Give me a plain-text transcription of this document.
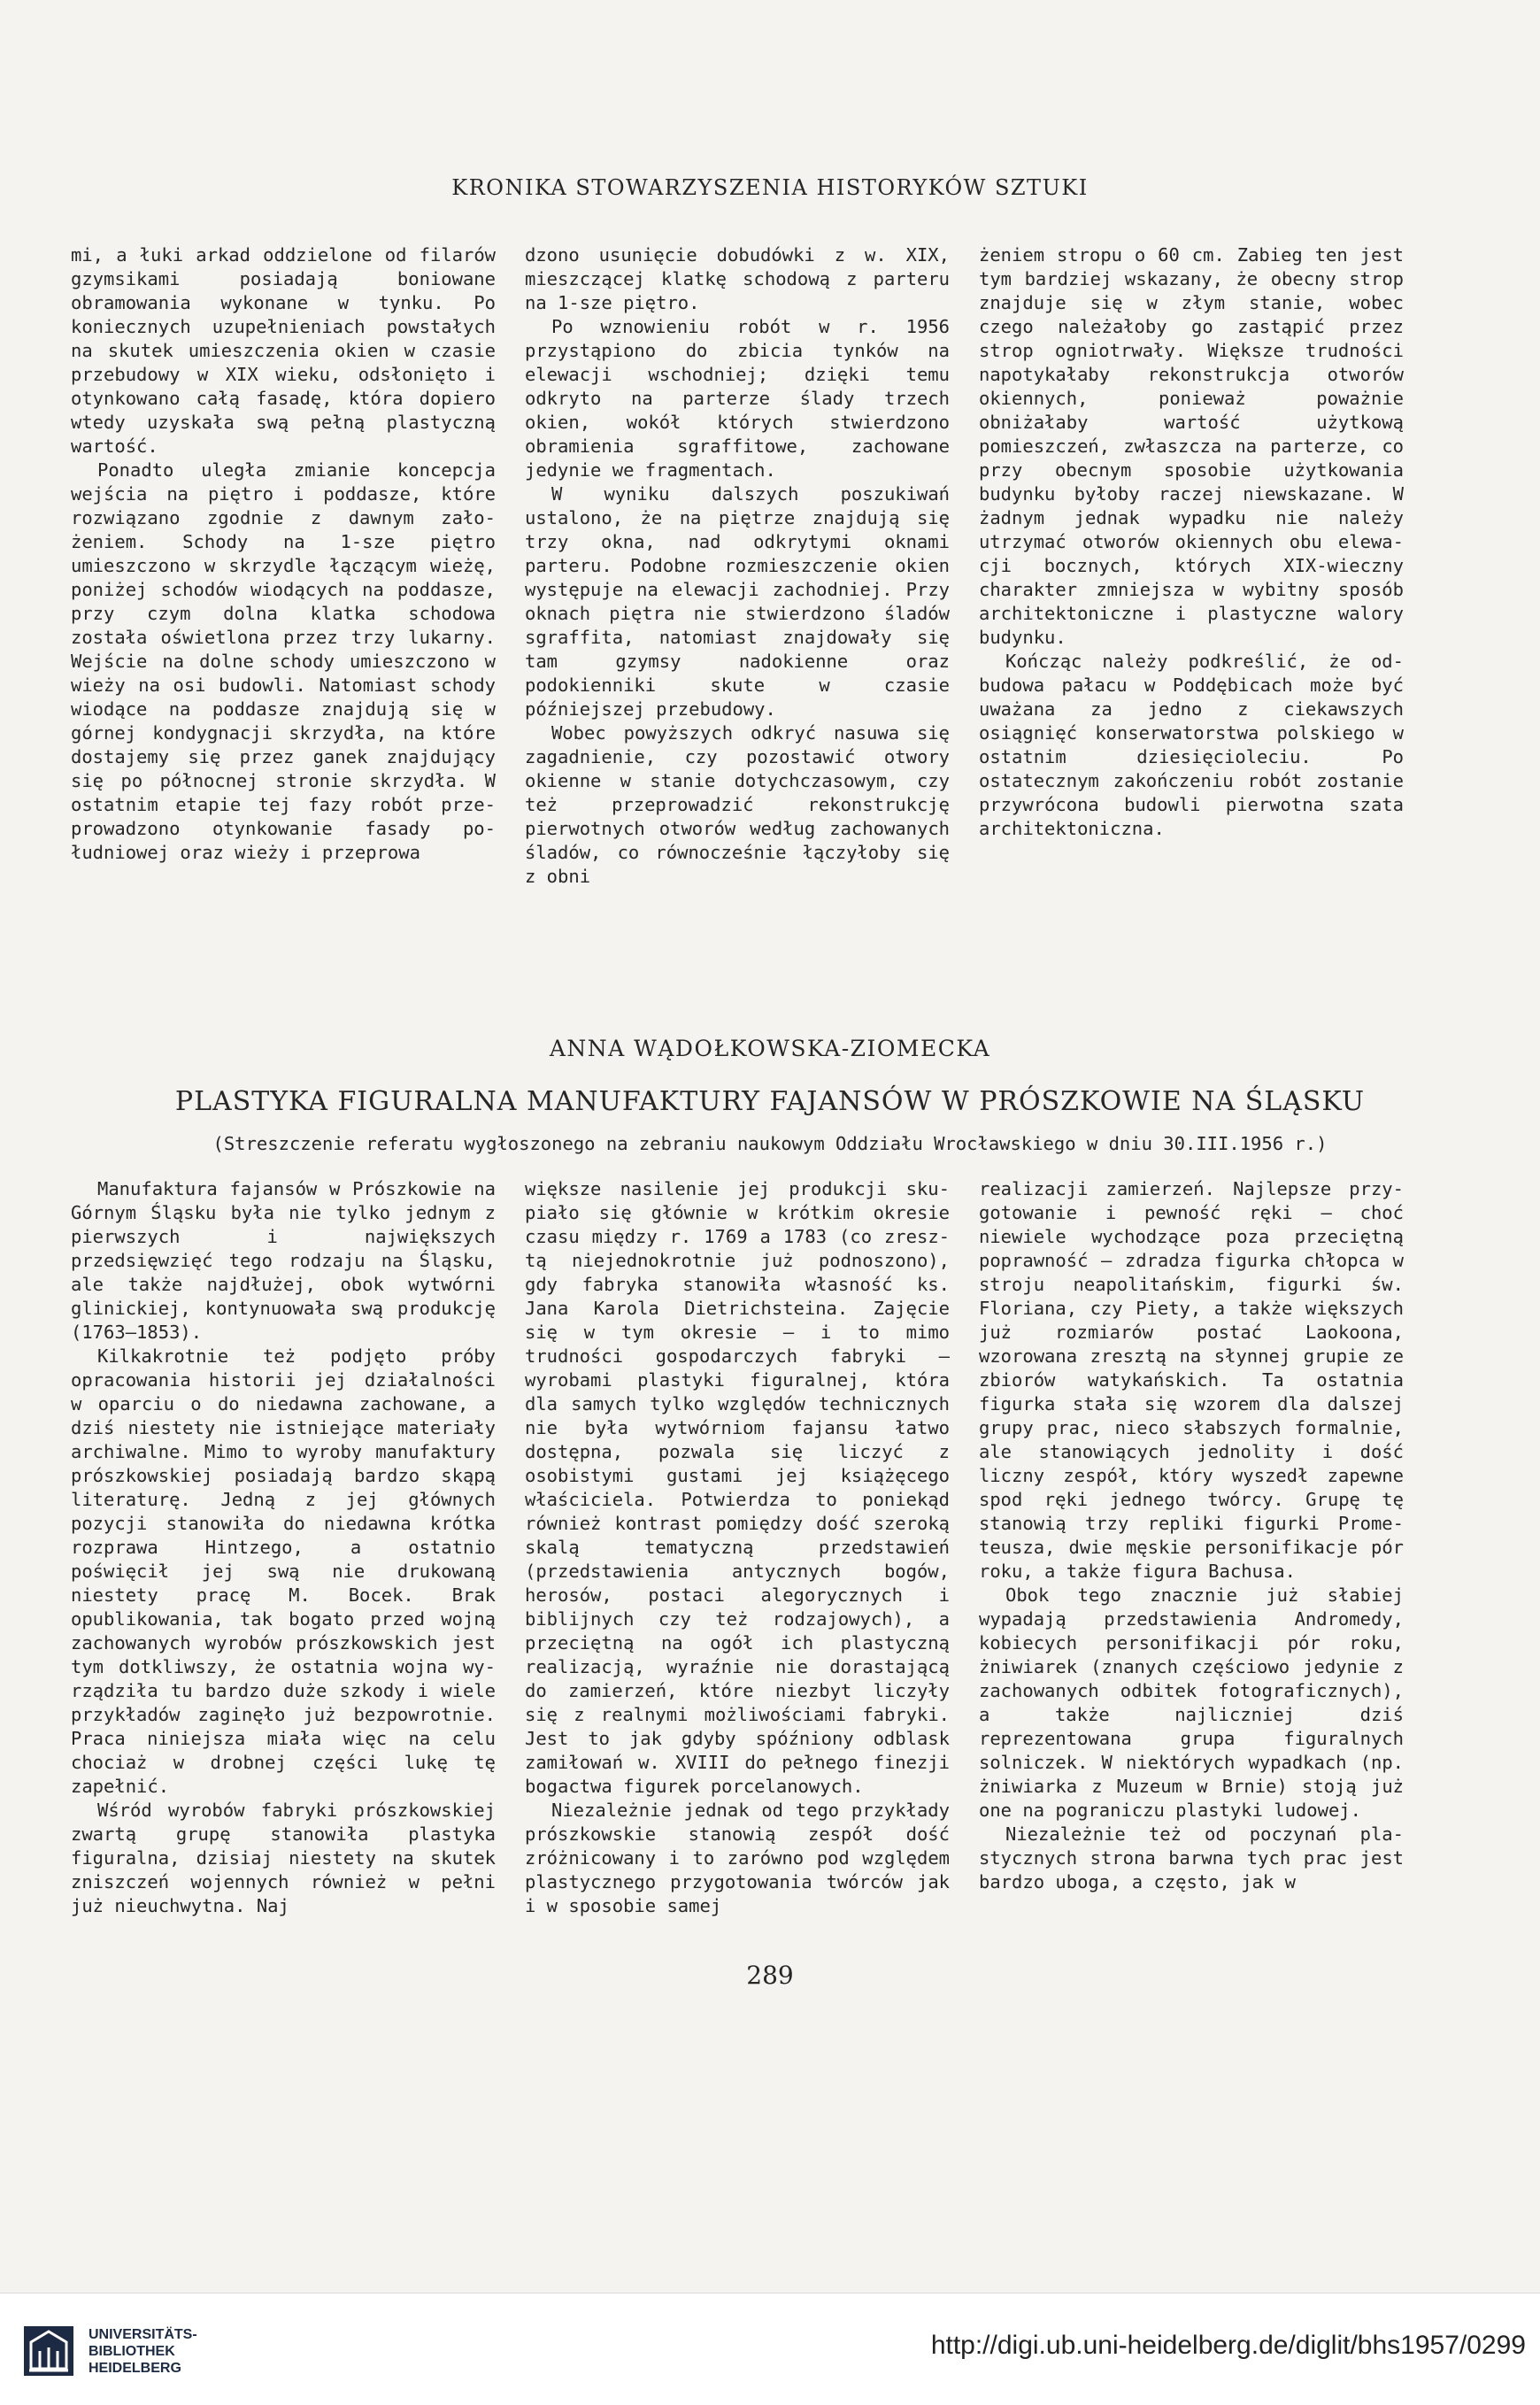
KRONIKA STOWARZYSZENIA HISTORYKÓW SZTUKI

mi, a łuki arkad oddzielone od filarów gzymsikami posiadają boniowane obramowania wykonane w tynku. Po koniecznych uzupełnieniach powstałych na skutek umieszczenia okien w czasie przebudowy w XIX wieku, odsłonięto i otynkowano całą fasadę, która dopiero wtedy uzyskała swą pełną plastyczną wartość.

Ponadto uległa zmianie koncepcja wejścia na piętro i poddasze, które rozwiązano zgodnie z dawnym założeniem. Schody na 1-sze piętro umieszczono w skrzydle łączącym wieżę, poniżej schodów wiodących na poddasze, przy czym dolna klatka schodowa została oświetlona przez trzy lukarny. Wejście na dolne schody umieszczono w wieży na osi budowli. Natomiast schody wiodące na poddasze znajdują się w górnej kondygnacji skrzydła, na które dostajemy się przez ganek znajdujący się po północnej stronie skrzydła. W ostatnim etapie tej fazy robót przeprowadzono otynkowanie fasady południowej oraz wieży i przeprowa

dzono usunięcie dobudówki z w. XIX, mieszczącej klatkę schodową z parteru na 1-sze piętro.

Po wznowieniu robót w r. 1956 przystąpiono do zbicia tynków na elewacji wschodniej; dzięki temu odkryto na parterze ślady trzech okien, wokół których stwierdzono obramienia sgraffitowe, zachowane jedynie we fragmentach.

W wyniku dalszych poszukiwań ustalono, że na piętrze znajdują się trzy okna, nad odkrytymi oknami parteru. Podobne rozmieszczenie okien występuje na elewacji zachodniej. Przy oknach piętra nie stwierdzono śladów sgraffita, natomiast znajdowały się tam gzymsy nadokienne oraz podokienniki skute w czasie późniejszej przebudowy.

Wobec powyższych odkryć nasuwa się zagadnienie, czy pozostawić otwory okienne w stanie dotychczasowym, czy też przeprowadzić rekonstrukcję pierwotnych otworów według zachowanych śladów, co równocześnie łączyłoby się z obni

żeniem stropu o 60 cm. Zabieg ten jest tym bardziej wskazany, że obecny strop znajduje się w złym stanie, wobec czego należałoby go zastąpić przez strop ogniotrwały. Większe trudności napotykałaby rekonstrukcja otworów okiennych, ponieważ poważnie obniżałaby wartość użytkową pomieszczeń, zwłaszcza na parterze, co przy obecnym sposobie użytkowania budynku byłoby raczej niewskazane. W żadnym jednak wypadku nie należy utrzymać otworów okiennych obu elewacji bocznych, których XIX-wieczny charakter zmniejsza w wybitny sposób architektoniczne i plastyczne walory budynku.

Kończąc należy podkreślić, że odbudowa pałacu w Poddębicach może być uważana za jedno z ciekawszych osiągnięć konserwatorstwa polskiego w ostatnim dziesięcioleciu. Po ostatecznym zakończeniu robót zostanie przywrócona budowli pierwotna szata architektoniczna.

ANNA WĄDOŁKOWSKA-ZIOMECKA
PLASTYKA FIGURALNA MANUFAKTURY FAJANSÓW W PRÓSZKOWIE NA ŚLĄSKU
(Streszczenie referatu wygłoszonego na zebraniu naukowym Oddziału Wrocławskiego w dniu 30.III.1956 r.)

Manufaktura fajansów w Prószkowie na Górnym Śląsku była nie tylko jednym z pierwszych i największych przedsięwzięć tego rodzaju na Śląsku, ale także najdłużej, obok wytwórni glinickiej, kontynuowała swą produkcję (1763—1853).

Kilkakrotnie też podjęto próby opracowania historii jej działalności w oparciu o do niedawna zachowane, a dziś niestety nie istniejące materiały archiwalne. Mimo to wyroby manufaktury prószkowskiej posiadają bardzo skąpą literaturę. Jedną z jej głównych pozycji stanowiła do niedawna krótka rozprawa Hintzego, a ostatnio poświęcił jej swą nie drukowaną niestety pracę M. Bocek. Brak opublikowania, tak bogato przed wojną zachowanych wyrobów prószkowskich jest tym dotkliwszy, że ostatnia wojna wyrządziła tu bardzo duże szkody i wiele przykładów zaginęło już bezpowrotnie. Praca niniejsza miała więc na celu chociaż w drobnej części lukę tę zapełnić.

Wśród wyrobów fabryki prószkowskiej zwartą grupę stanowiła plastyka figuralna, dzisiaj niestety na skutek zniszczeń wojennych również w pełni już nieuchwytna. Naj

większe nasilenie jej produkcji skupiało się głównie w krótkim okresie czasu między r. 1769 a 1783 (co zresztą niejednokrotnie już podnoszono), gdy fabryka stanowiła własność ks. Jana Karola Dietrichsteina. Zajęcie się w tym okresie — i to mimo trudności gospodarczych fabryki — wyrobami plastyki figuralnej, która dla samych tylko względów technicznych nie była wytwórniom fajansu łatwo dostępna, pozwala się liczyć z osobistymi gustami jej książęcego właściciela. Potwierdza to poniekąd również kontrast pomiędzy dość szeroką skalą tematyczną przedstawień (przedstawienia antycznych bogów, herosów, postaci alegorycznych i biblijnych czy też rodzajowych), a przeciętną na ogół ich plastyczną realizacją, wyraźnie nie dorastającą do zamierzeń, które niezbyt liczyły się z realnymi możliwościami fabryki. Jest to jak gdyby spóźniony odblask zamiłowań w. XVIII do pełnego finezji bogactwa figurek porcelanowych.

Niezależnie jednak od tego przykłady prószkowskie stanowią zespół dość zróżnicowany i to zarówno pod względem plastycznego przygotowania twórców jak i w sposobie samej

realizacji zamierzeń. Najlepsze przygotowanie i pewność ręki — choć niewiele wychodzące poza przeciętną poprawność — zdradza figurka chłopca w stroju neapolitańskim, figurki św. Floriana, czy Piety, a także większych już rozmiarów postać Laokoona, wzorowana zresztą na słynnej grupie ze zbiorów watykańskich. Ta ostatnia figurka stała się wzorem dla dalszej grupy prac, nieco słabszych formalnie, ale stanowiących jednolity i dość liczny zespół, który wyszedł zapewne spod ręki jednego twórcy. Grupę tę stanowią trzy repliki figurki Prometeusza, dwie męskie personifikacje pór roku, a także figura Bachusa.

Obok tego znacznie już słabiej wypadają przedstawienia Andromedy, kobiecych personifikacji pór roku, żniwiarek (znanych częściowo jedynie z zachowanych odbitek fotograficznych), a także najliczniej dziś reprezentowana grupa figuralnych solniczek. W niektórych wypadkach (np. żniwiarka z Muzeum w Brnie) stoją już one na pograniczu plastyki ludowej.

Niezależnie też od poczynań plastycznych strona barwna tych prac jest bardzo uboga, a często, jak w

289
UNIVERSITÄTS-
BIBLIOTHEK
HEIDELBERG
http://digi.ub.uni-heidelberg.de/diglit/bhs1957/0299
